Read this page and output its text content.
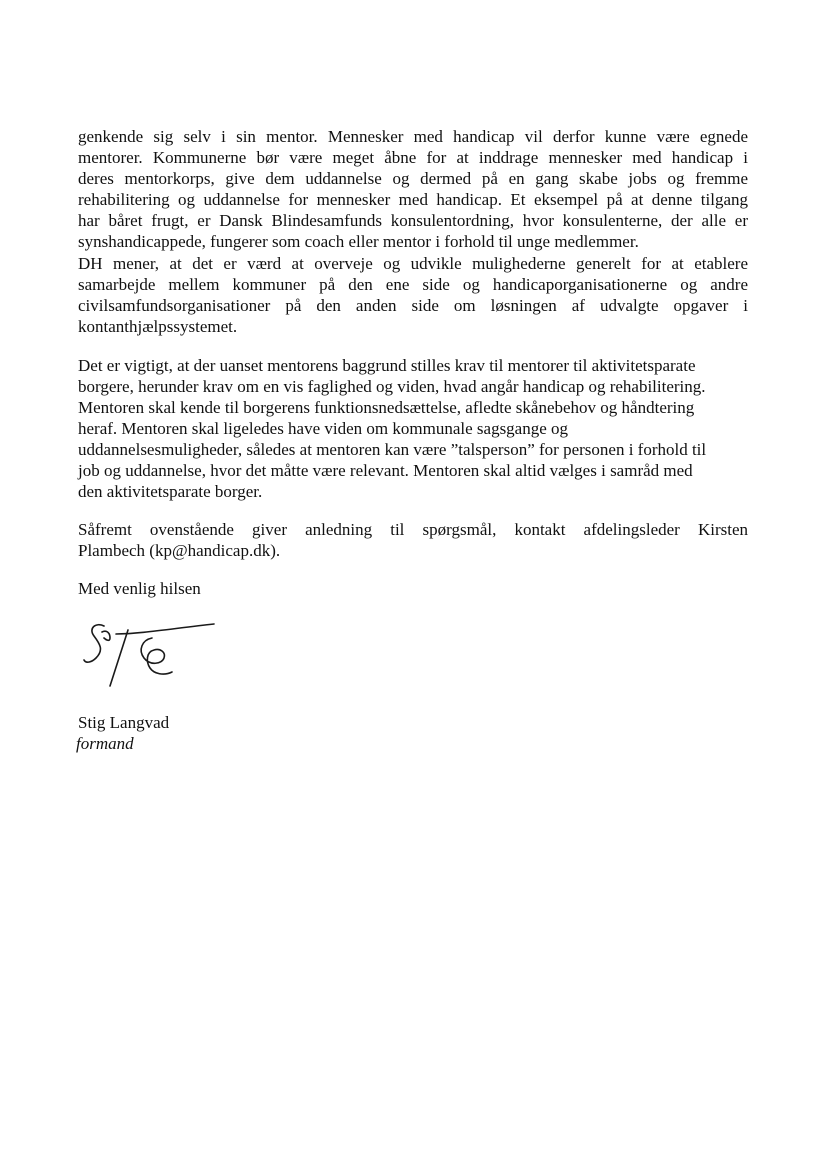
genkende sig selv i sin mentor. Mennesker med handicap vil derfor kunne være egnede
mentorer. Kommunerne bør være meget åbne for at inddrage mennesker med handicap i
deres mentorkorps, give dem uddannelse og dermed på en gang skabe jobs og fremme
rehabilitering og uddannelse for mennesker med handicap. Et eksempel på at denne tilgang
har båret frugt, er Dansk Blindesamfunds konsulentordning, hvor konsulenterne, der alle er
synshandicappede, fungerer som coach eller mentor i forhold til unge medlemmer.

DH mener, at det er værd at overveje og udvikle mulighederne generelt for at etablere
samarbejde mellem kommuner på den ene side og handicaporganisationerne og andre
civilsamfundsorganisationer på den anden side om løsningen af udvalgte opgaver i
kontanthjælpssystemet.

Det er vigtigt, at der uanset mentorens baggrund stilles krav til mentorer til aktivitetsparate
borgere, herunder krav om en vis faglighed og viden, hvad angår handicap og rehabilitering.
Mentoren skal kende til borgerens funktionsnedsættelse, afledte skånebehov og håndtering
heraf. Mentoren skal ligeledes have viden om kommunale sagsgange og
uddannelsesmuligheder, således at mentoren kan være ”talsperson” for personen i forhold til
job og uddannelse, hvor det måtte være relevant. Mentoren skal altid vælges i samråd med
den aktivitetsparate borger.

Såfremt ovenstående giver anledning til spørgsmål, kontakt afdelingsleder Kirsten
Plambech (kp@handicap.dk).

Med venlig hilsen

Stig Langvad

formand
